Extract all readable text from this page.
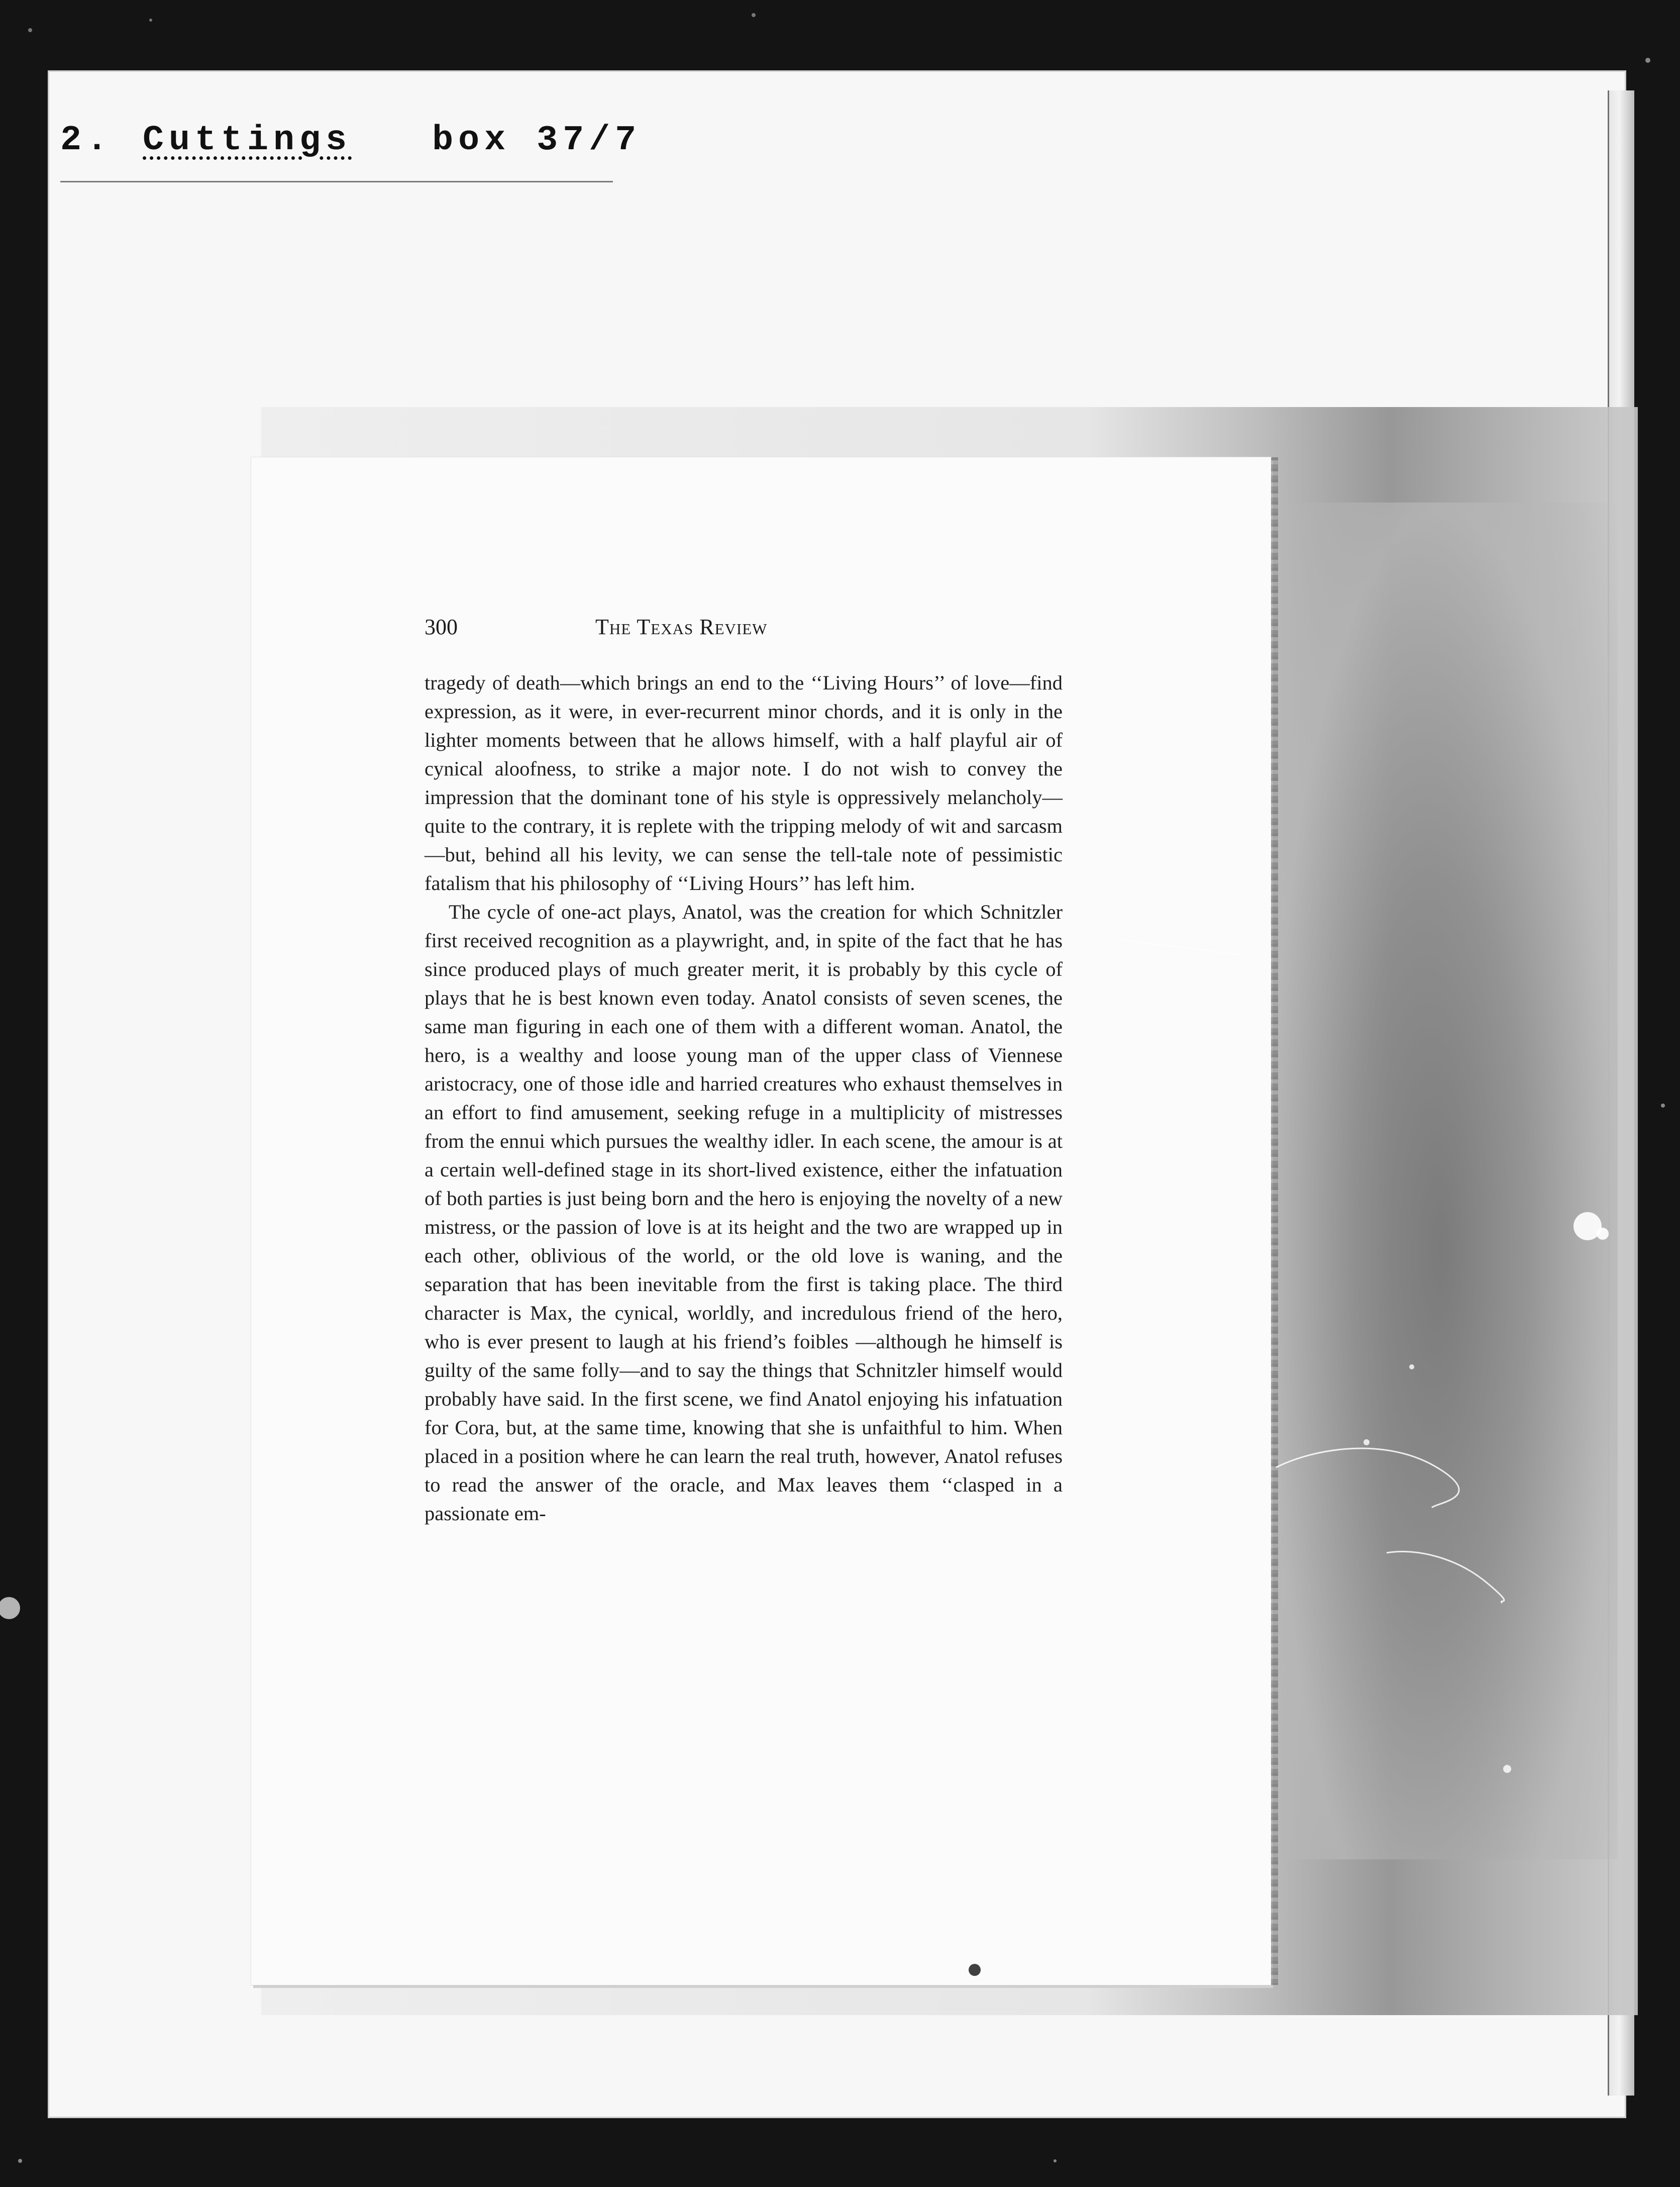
2. Cuttings box 37/7
300	The Texas Review

tragedy of death—which brings an end to the ‘‘Living Hours’’ of love—find expression, as it were, in ever-recurrent minor chords, and it is only in the lighter moments between that he allows himself, with a half playful air of cynical aloofness, to strike a major note. I do not wish to convey the impression that the dominant tone of his style is oppressively melancholy—quite to the contrary, it is replete with the tripping melody of wit and sarcasm—but, behind all his levity, we can sense the tell-tale note of pessimistic fatalism that his philosophy of ‘‘Living Hours’’ has left him.

The cycle of one-act plays, Anatol, was the creation for which Schnitzler first received recognition as a playwright, and, in spite of the fact that he has since produced plays of much greater merit, it is probably by this cycle of plays that he is best known even today. Anatol consists of seven scenes, the same man figuring in each one of them with a different woman. Anatol, the hero, is a wealthy and loose young man of the upper class of Viennese aristocracy, one of those idle and harried creatures who exhaust themselves in an effort to find amusement, seeking refuge in a multiplicity of mistresses from the ennui which pursues the wealthy idler. In each scene, the amour is at a certain well-defined stage in its short-lived existence, either the infatuation of both parties is just being born and the hero is enjoying the novelty of a new mistress, or the passion of love is at its height and the two are wrapped up in each other, oblivious of the world, or the old love is waning, and the separation that has been inevitable from the first is taking place. The third character is Max, the cynical, worldly, and incredulous friend of the hero, who is ever present to laugh at his friend’s foibles —although he himself is guilty of the same folly—and to say the things that Schnitzler himself would probably have said. In the first scene, we find Anatol enjoying his infatuation for Cora, but, at the same time, knowing that she is unfaithful to him. When placed in a position where he can learn the real truth, however, Anatol refuses to read the answer of the oracle, and Max leaves them ‘‘clasped in a passionate em-
